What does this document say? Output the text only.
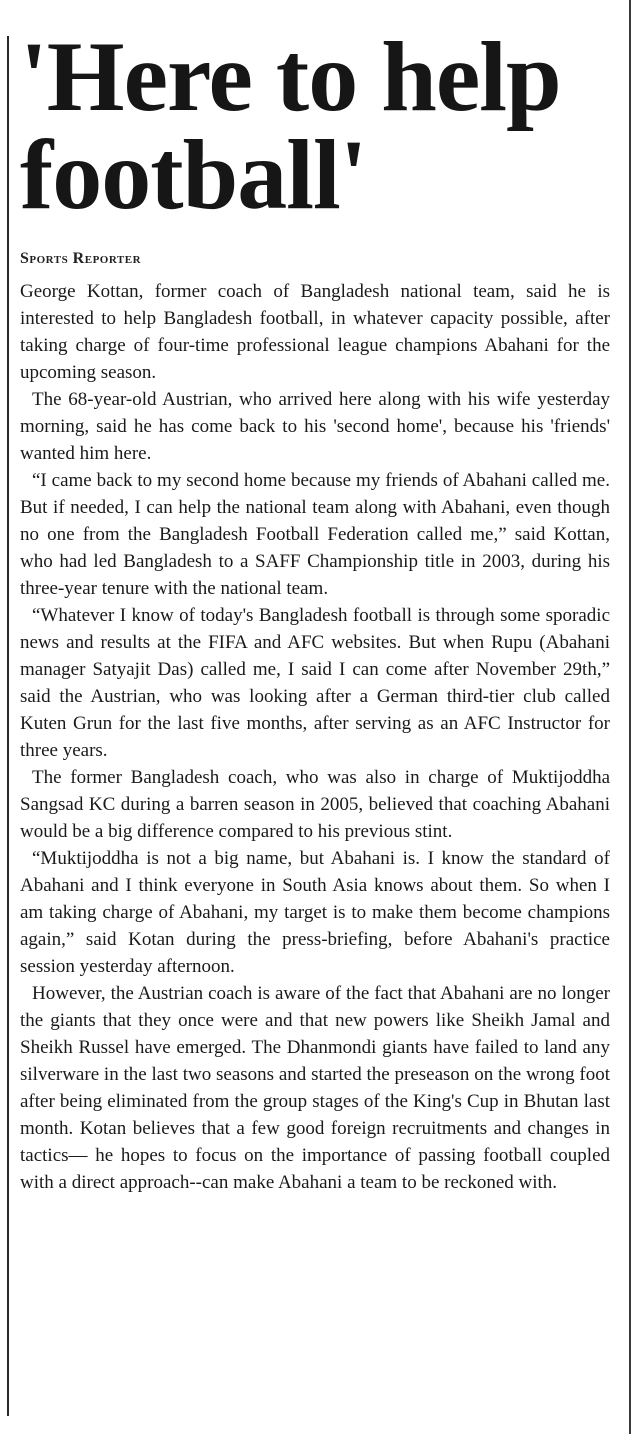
'Here to help
football'
Sports Reporter

George Kottan, former coach of Bangladesh national team, said he is interested to help Bangladesh football, in whatever capacity possible, after taking charge of four-time professional league champions Abahani for the upcoming season.

The 68-year-old Austrian, who arrived here along with his wife yesterday morning, said he has come back to his 'second home', because his 'friends' wanted him here.

“I came back to my second home because my friends of Abahani called me. But if needed, I can help the national team along with Abahani, even though no one from the Bangladesh Football Federation called me,” said Kottan, who had led Bangladesh to a SAFF Championship title in 2003, during his three-year tenure with the national team.

“Whatever I know of today's Bangladesh football is through some sporadic news and results at the FIFA and AFC websites. But when Rupu (Abahani manager Satyajit Das) called me, I said I can come after November 29th,” said the Austrian, who was looking after a German third-tier club called Kuten Grun for the last five months, after serving as an AFC Instructor for three years.

The former Bangladesh coach, who was also in charge of Muktijoddha Sangsad KC during a barren season in 2005, believed that coaching Abahani would be a big difference compared to his previous stint.

“Muktijoddha is not a big name, but Abahani is. I know the standard of Abahani and I think everyone in South Asia knows about them. So when I am taking charge of Abahani, my target is to make them become champions again,” said Kotan during the press-briefing, before Abahani's practice session yesterday afternoon.

However, the Austrian coach is aware of the fact that Abahani are no longer the giants that they once were and that new powers like Sheikh Jamal and Sheikh Russel have emerged. The Dhanmondi giants have failed to land any silverware in the last two seasons and started the preseason on the wrong foot after being eliminated from the group stages of the King's Cup in Bhutan last month. Kotan believes that a few good foreign recruitments and changes in tactics— he hopes to focus on the importance of passing football coupled with a direct approach--can make Abahani a team to be reckoned with.
